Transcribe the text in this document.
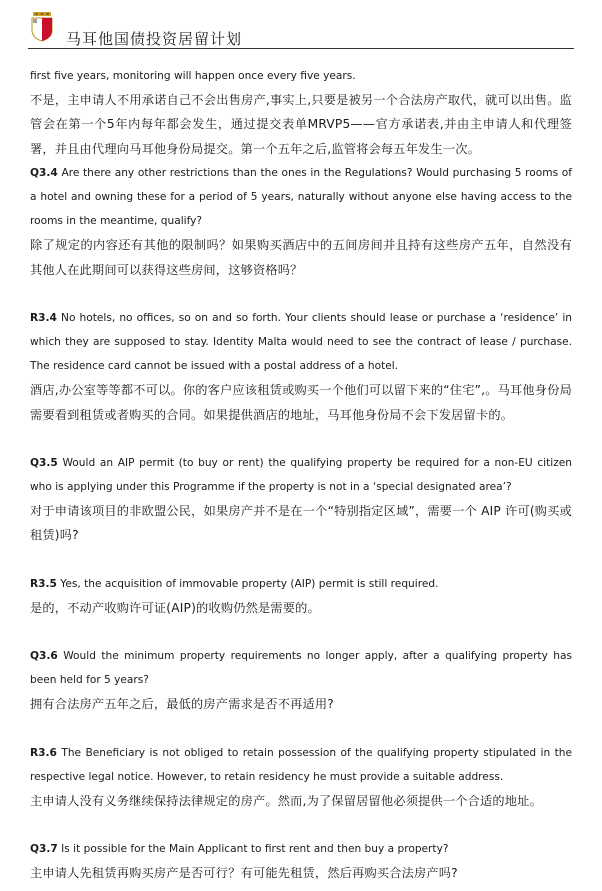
马耳他国债投资居留计划

first five years, monitoring will happen once every five years.

不是，主申请人不用承诺自己不会出售房产,事实上,只要是被另一个合法房产取代，就可以出售。监管会在第一个5年内每年都会发生，通过提交表单MRVP5——官方承诺表,并由主申请人和代理签署，并且由代理向马耳他身份局提交。第一个五年之后,监管将会每五年发生一次。

Q3.4 Are there any other restrictions than the ones in the Regulations? Would purchasing 5 rooms of a hotel and owning these for a period of 5 years, naturally without anyone else having access to the rooms in the meantime, qualify?

除了规定的内容还有其他的限制吗？如果购买酒店中的五间房间并且持有这些房产五年，自然没有其他人在此期间可以获得这些房间，这够资格吗？

R3.4 No hotels, no offices, so on and so forth. Your clients should lease or purchase a ‘residence’ in which they are supposed to stay. Identity Malta would need to see the contract of lease / purchase. The residence card cannot be issued with a postal address of a hotel.

酒店,办公室等等都不可以。你的客户应该租赁或购买一个他们可以留下来的“住宅”,。马耳他身份局需要看到租赁或者购买的合同。如果提供酒店的地址，马耳他身份局不会下发居留卡的。

Q3.5 Would an AIP permit (to buy or rent) the qualifying property be required for a non-EU citizen who is applying under this Programme if the property is not in a ‘special designated area’?

对于申请该项目的非欧盟公民，如果房产并不是在一个“特别指定区域”，需要一个 AIP 许可(购买或租赁)吗?

R3.5 Yes, the acquisition of immovable property (AIP) permit is still required.

是的，不动产收购许可证(AIP)的收购仍然是需要的。

Q3.6 Would the minimum property requirements no longer apply, after a qualifying property has been held for 5 years?

拥有合法房产五年之后，最低的房产需求是否不再适用?

R3.6 The Beneficiary is not obliged to retain possession of the qualifying property stipulated in the respective legal notice. However, to retain residency he must provide a suitable address.

主申请人没有义务继续保持法律规定的房产。然而,为了保留居留他必须提供一个合适的地址。

Q3.7 Is it possible for the Main Applicant to first rent and then buy a property?

主申请人先租赁再购买房产是否可行？有可能先租赁，然后再购买合法房产吗?
